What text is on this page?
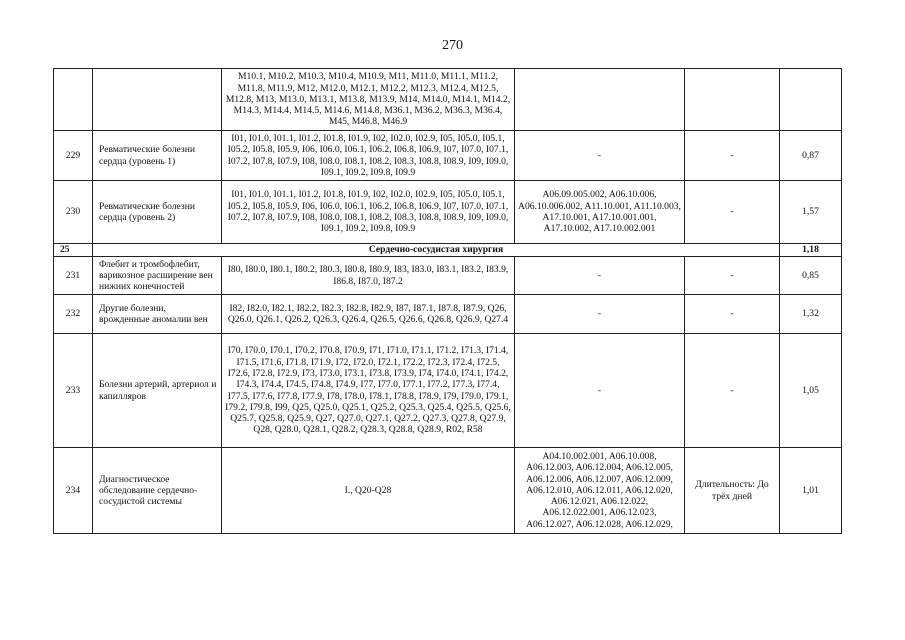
270
		M10.1, M10.2, M10.3, M10.4, M10.9, M11, M11.0, M11.1, M11.2, M11.8, M11.9, M12, M12.0, M12.1, M12.2, M12.3, M12.4, M12.5, M12.8, M13, M13.0, M13.1, M13.8, M13.9, M14, M14.0, M14.1, M14.2, M14.3, M14.4, M14.5, M14.6, M14.8, M36.1, M36.2, M36.3, M36.4, M45, M46.8, M46.9			
229	Ревматические болезни сердца (уровень 1)	I01, I01.0, I01.1, I01.2, I01.8, I01.9, I02, I02.0, I02.9, I05, I05.0, I05.1, I05.2, I05.8, I05.9, I06, I06.0, I06.1, I06.2, I06.8, I06.9, I07, I07.0, I07.1, I07.2, I07.8, I07.9, I08, I08.0, I08.1, I08.2, I08.3, I08.8, I08.9, I09, I09.0, I09.1, I09.2, I09.8, I09.9	-	-	0,87
230	Ревматические болезни сердца (уровень 2)	I01, I01.0, I01.1, I01.2, I01.8, I01.9, I02, I02.0, I02.9, I05, I05.0, I05.1, I05.2, I05.8, I05.9, I06, I06.0, I06.1, I06.2, I06.8, I06.9, I07, I07.0, I07.1, I07.2, I07.8, I07.9, I08, I08.0, I08.1, I08.2, I08.3, I08.8, I08.9, I09, I09.0, I09.1, I09.2, I09.8, I09.9	A06.09.005.002, A06.10.006, A06.10.006.002, A11.10.001, A11.10.003, A17.10.001, A17.10.001.001, A17.10.002, A17.10.002.001	-	1,57
25	Сердечно-сосудистая хирургия				1,18
231	Флебит и тромбофлебит, варикозное расширение вен нижних конечностей	I80, I80.0, I80.1, I80.2, I80.3, I80.8, I80.9, I83, I83.0, I83.1, I83.2, I83.9, I86.8, I87.0, I87.2	-	-	0,85
232	Другие болезни, врожденные аномалии вен	I82, I82.0, I82.1, I82.2, I82.3, I82.8, I82.9, I87, I87.1, I87.8, I87.9, Q26, Q26.0, Q26.1, Q26.2, Q26.3, Q26.4, Q26.5, Q26.6, Q26.8, Q26.9, Q27.4	-	-	1,32
233	Болезни артерий, артериол и капилляров	I70, I70.0, I70.1, I70.2, I70.8, I70.9, I71, I71.0, I71.1, I71.2, I71.3, I71.4, I71.5, I71.6, I71.8, I71.9, I72, I72.0, I72.1, I72.2, I72.3, I72.4, I72.5, I72.6, I72.8, I72.9, I73, I73.0, I73.1, I73.8, I73.9, I74, I74.0, I74.1, I74.2, I74.3, I74.4, I74.5, I74.8, I74.9, I77, I77.0, I77.1, I77.2, I77.3, I77.4, I77.5, I77.6, I77.8, I77.9, I78, I78.0, I78.1, I78.8, I78.9, I79, I79.0, I79.1, I79.2, I79.8, I99, Q25, Q25.0, Q25.1, Q25.2, Q25.3, Q25.4, Q25.5, Q25.6, Q25.7, Q25.8, Q25.9, Q27, Q27.0, Q27.1, Q27.2, Q27.3, Q27.8, Q27.9, Q28, Q28.0, Q28.1, Q28.2, Q28.3, Q28.8, Q28.9, R02, R58	-	-	1,05
234	Диагностическое обследование сердечно-сосудистой системы	I., Q20-Q28	A04.10.002.001, A06.10.008, A06.12.003, A06.12.004, A06.12.005, A06.12.006, A06.12.007, A06.12.009, A06.12.010, A06.12.011, A06.12.020, A06.12.021, A06.12.022, A06.12.022.001, A06.12.023, A06.12.027, A06.12.028, A06.12.029,	Длительность: До трёх дней	1,01
